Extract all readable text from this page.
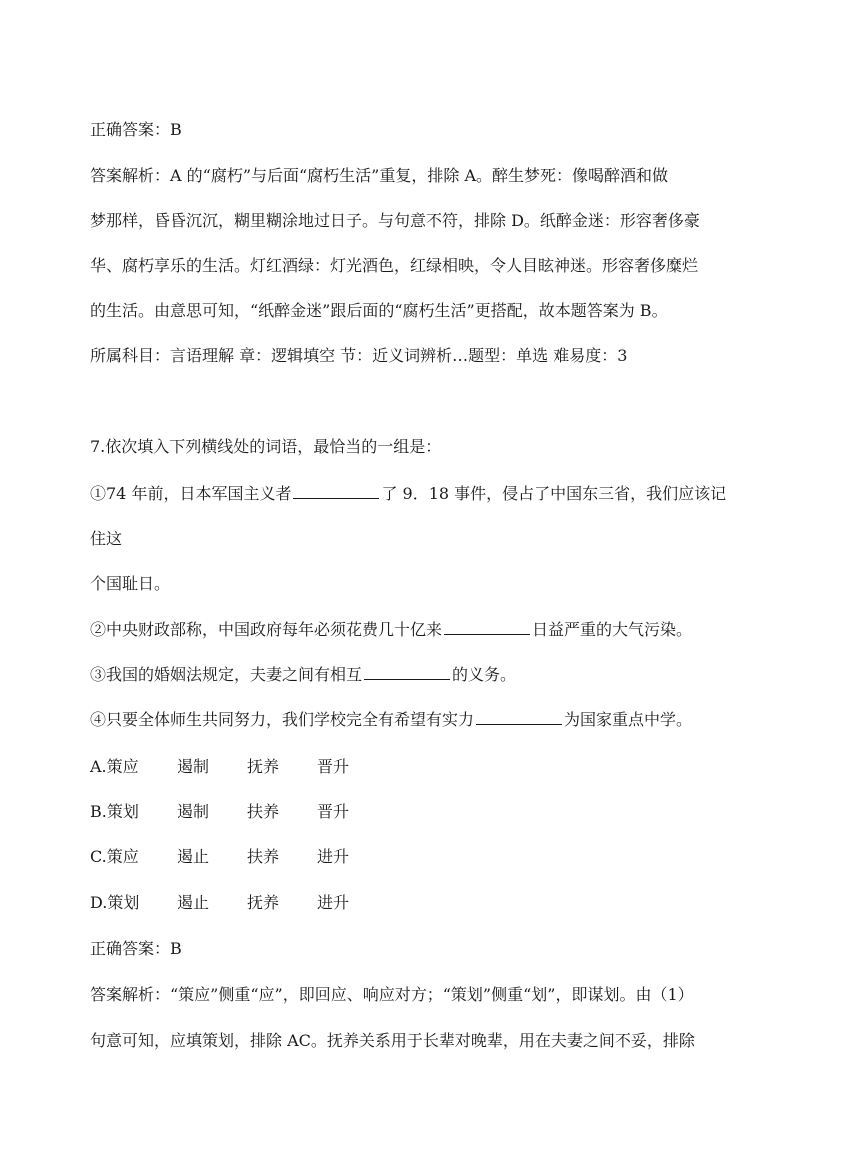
正确答案：B
答案解析：A 的“腐朽”与后面“腐朽生活”重复，排除 A。醉生梦死：像喝醉酒和做
梦那样，昏昏沉沉，糊里糊涂地过日子。与句意不符，排除 D。纸醉金迷：形容奢侈豪
华、腐朽享乐的生活。灯红酒绿：灯光酒色，红绿相映，令人目眩神迷。形容奢侈糜烂
的生活。由意思可知，“纸醉金迷”跟后面的“腐朽生活”更搭配，故本题答案为 B。
所属科目：言语理解 章：逻辑填空 节：近义词辨析…题型：单选 难易度：3
7.依次填入下列横线处的词语，最恰当的一组是：
①74 年前，日本军国主义者	了 9．18 事件，侵占了中国东三省，我们应该记
住这
个国耻日。
②中央财政部称，中国政府每年必须花费几十亿来	日益严重的大气污染。
③我国的婚姻法规定，夫妻之间有相互	的义务。
④只要全体师生共同努力，我们学校完全有希望有实力	为国家重点中学。
A.策应 遏制 抚养 晋升
B.策划 遏制 扶养 晋升
C.策应 遏止 扶养 进升
D.策划 遏止 抚养 进升
正确答案：B
答案解析：“策应”侧重“应”，即回应、响应对方；“策划”侧重“划”，即谋划。由（1）
句意可知，应填策划，排除 AC。抚养关系用于长辈对晚辈，用在夫妻之间不妥，排除
